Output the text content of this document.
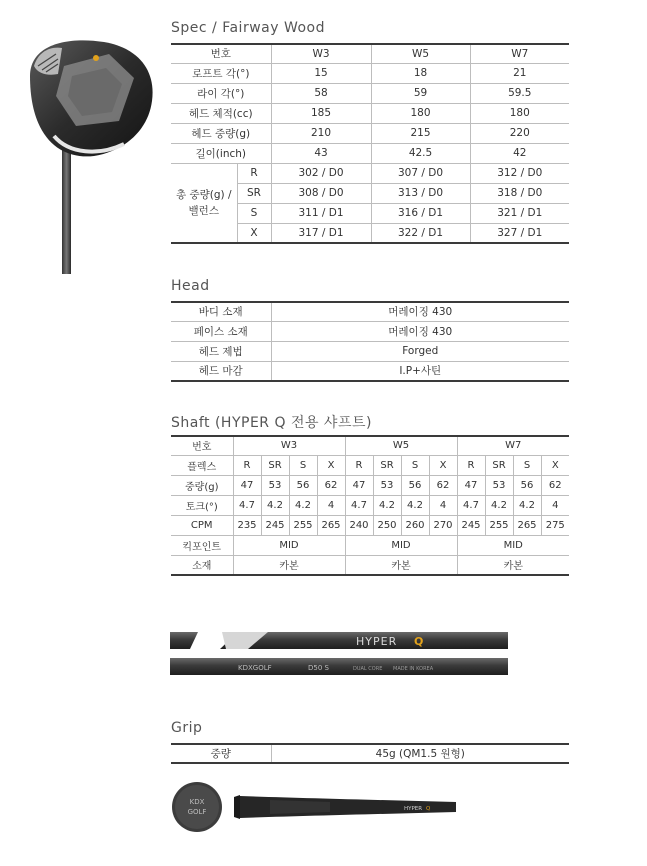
Spec / Fairway Wood
번호		W3	W5	W7
로프트 각(°)		15	18	21
라이 각(°)		58	59	59.5
헤드 체적(cc)		185	180	180
헤드 중량(g)		210	215	220
길이(inch)		43	42.5	42

총 중량(g) /
밸런스	R	302 / D0	307 / D0	312 / D0
	SR	308 / D0	313 / D0	318 / D0
	S	311 / D1	316 / D1	321 / D1
	X	317 / D1	322 / D1	327 / D1
Head
바디 소재	머레이징 430
페이스 소재	머레이징 430
헤드 제법	Forged
헤드 마감	I.P+사틴
Shaft (HYPER Q 전용 샤프트)
번호	W3				W5				W7			
플렉스	R	SR	S	X	R	SR	S	X	R	SR	S	X
중량(g)	47	53	56	62	47	53	56	62	47	53	56	62
토크(°)	4.7	4.2	4.2	4	4.7	4.2	4.2	4	4.7	4.2	4.2	4
CPM	235	245	255	265	240	250	260	270	245	255	265	275
킥포인트	MID				MID				MID			
소재	카본				카본				카본			
HYPER Q
KDXGOLF	D50 S	DUAL CORE MADE IN KOREA
Grip
중량	45g (QM1.5 원형)
KDX
GOLF	HYPER Q
